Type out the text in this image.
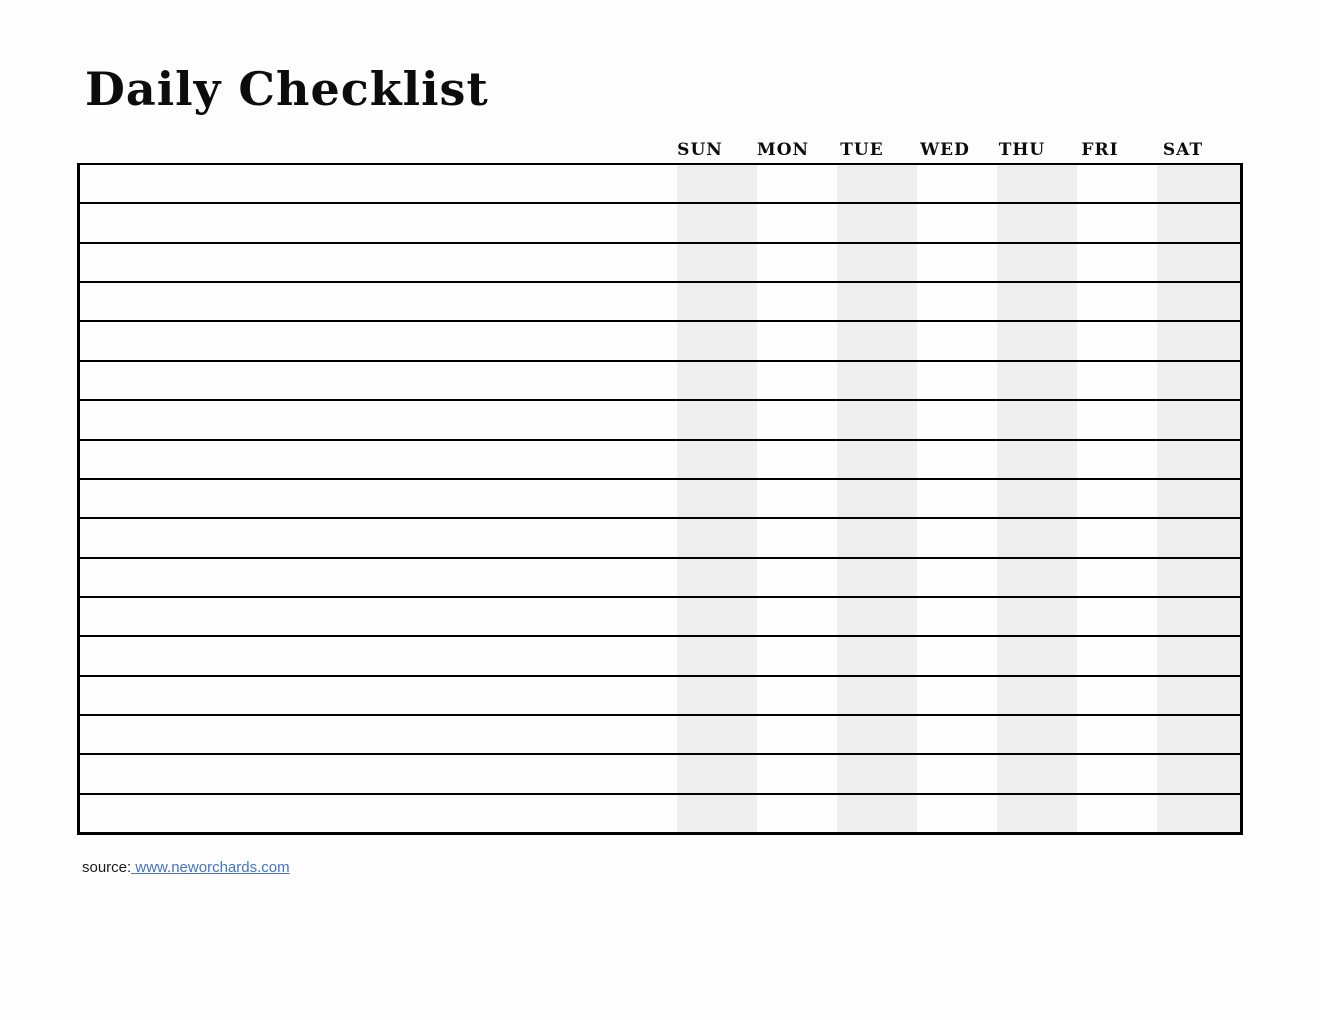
Daily Checklist
SUN	MON	TUE	WED	THU	FRI	SAT
source: www.neworchards.com
